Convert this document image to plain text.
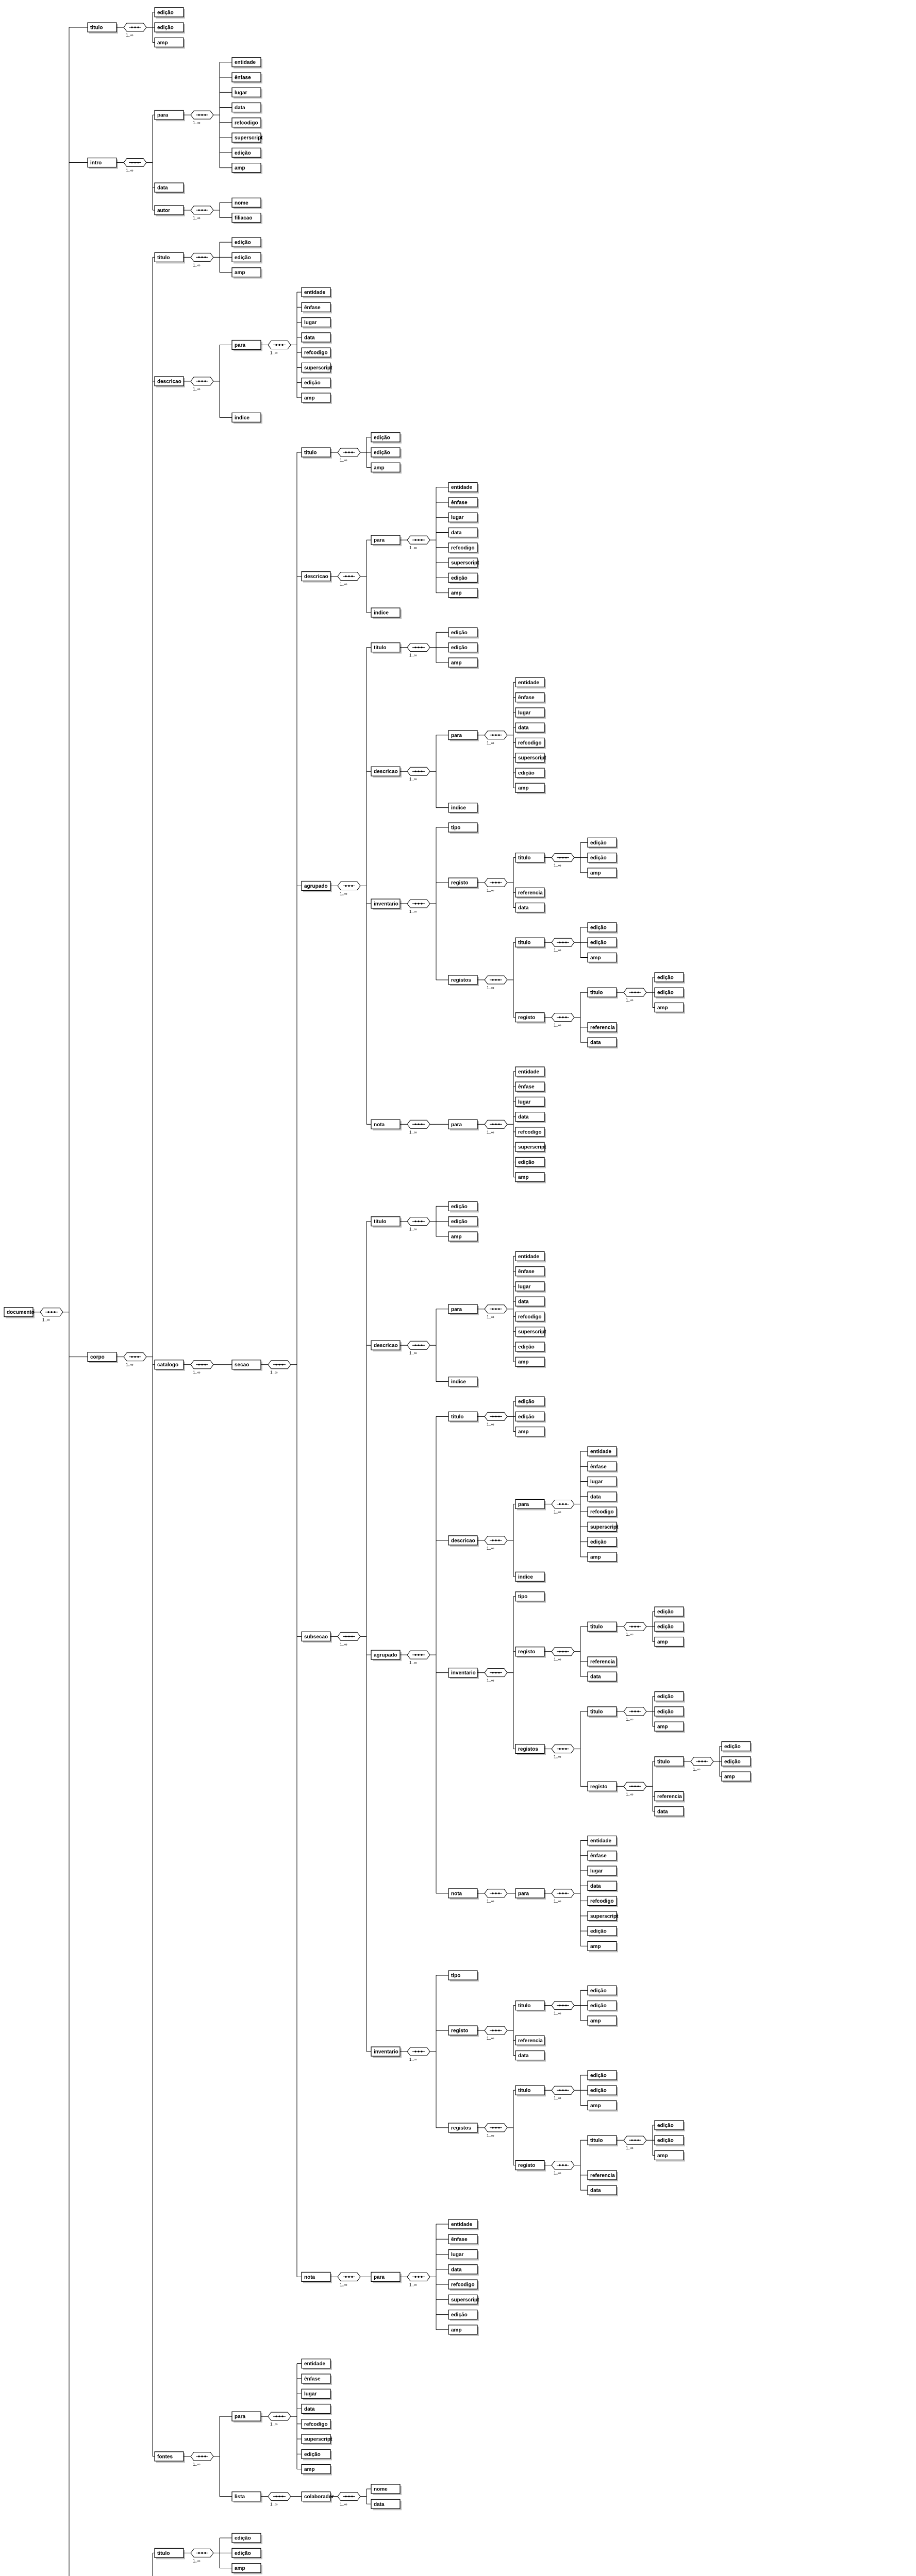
documento
1..∞
titulo
1..∞
edição
edição
amp
intro
1..∞
para
1..∞
entidade
ênfase
lugar
data
refcodigo
superscript
edição
amp
data
autor
1..∞
nome
filiacao
corpo
1..∞
titulo
1..∞
edição
edição
amp
descricao
1..∞
para
1..∞
entidade
ênfase
lugar
data
refcodigo
superscript
edição
amp
indice
catalogo
1..∞
secao
1..∞
titulo
1..∞
edição
edição
amp
descricao
1..∞
para
1..∞
entidade
ênfase
lugar
data
refcodigo
superscript
edição
amp
indice
agrupado
1..∞
titulo
1..∞
edição
edição
amp
descricao
1..∞
para
1..∞
entidade
ênfase
lugar
data
refcodigo
superscript
edição
amp
indice
inventario
1..∞
tipo
registo
1..∞
titulo
1..∞
edição
edição
amp
referencia
data
registos
1..∞
titulo
1..∞
edição
edição
amp
registo
1..∞
titulo
1..∞
edição
edição
amp
referencia
data
nota
1..∞
para
1..∞
entidade
ênfase
lugar
data
refcodigo
superscript
edição
amp
subsecao
1..∞
titulo
1..∞
edição
edição
amp
descricao
1..∞
para
1..∞
entidade
ênfase
lugar
data
refcodigo
superscript
edição
amp
indice
agrupado
1..∞
titulo
1..∞
edição
edição
amp
descricao
1..∞
para
1..∞
entidade
ênfase
lugar
data
refcodigo
superscript
edição
amp
indice
inventario
1..∞
tipo
registo
1..∞
titulo
1..∞
edição
edição
amp
referencia
data
registos
1..∞
titulo
1..∞
edição
edição
amp
registo
1..∞
titulo
1..∞
edição
edição
amp
referencia
data
nota
1..∞
para
1..∞
entidade
ênfase
lugar
data
refcodigo
superscript
edição
amp
inventario
1..∞
tipo
registo
1..∞
titulo
1..∞
edição
edição
amp
referencia
data
registos
1..∞
titulo
1..∞
edição
edição
amp
registo
1..∞
titulo
1..∞
edição
edição
amp
referencia
data
nota
1..∞
para
1..∞
entidade
ênfase
lugar
data
refcodigo
superscript
edição
amp
fontes
1..∞
para
1..∞
entidade
ênfase
lugar
data
refcodigo
superscript
edição
amp
lista
1..∞
colaborador
1..∞
nome
data
titulo
1..∞
edição
edição
amp
